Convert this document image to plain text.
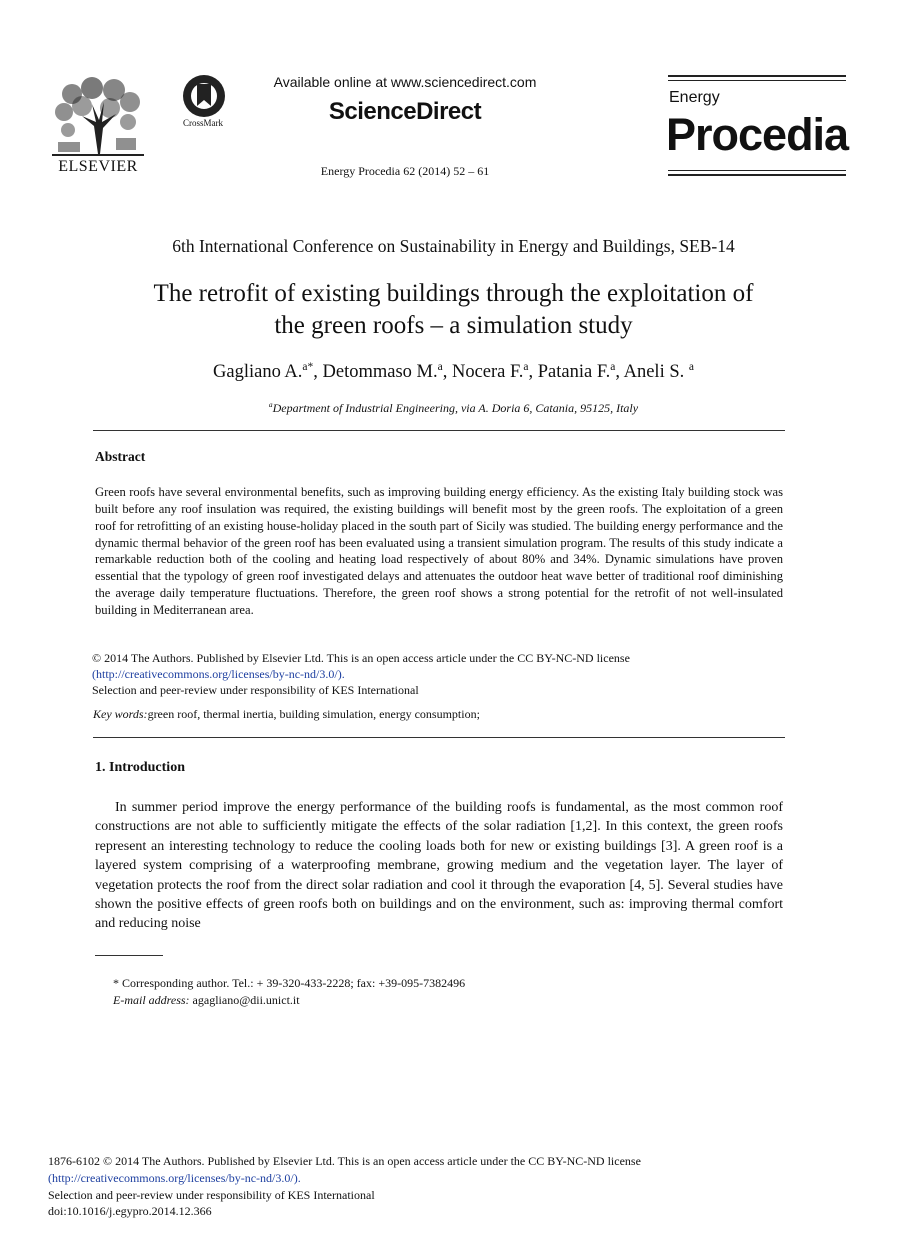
ELSEVIER
CrossMark
Available online at www.sciencedirect.com
ScienceDirect
Energy Procedia 62 (2014) 52 – 61
Energy
Procedia
6th International Conference on Sustainability in Energy and Buildings, SEB-14
The retrofit of existing buildings through the exploitation of
the green roofs – a simulation study
Gagliano A.$^{a*}$, Detommaso M.$^a$, Nocera F.$^a$, Patania F.$^a$, Aneli S. $^a$
$^a$Department of Industrial Engineering, via A. Doria 6, Catania, 95125, Italy
Abstract
Green roofs have several environmental benefits, such as improving building energy efficiency. As the existing Italy building stock was built before any roof insulation was required, the existing buildings will benefit most by the green roofs. The exploitation of a green roof for retrofitting of an existing house-holiday placed in the south part of Sicily was studied. The building energy performance and the dynamic thermal behavior of the green roof has been evaluated using a transient simulation program. The results of this study indicate a remarkable reduction both of the cooling and heating load respectively of about 80% and 34%. Dynamic simulations have proven essential that the typology of green roof investigated delays and attenuates the outdoor heat wave better of traditional roof diminishing the average daily temperature fluctuations. Therefore, the green roof shows a strong potential for the retrofit of not well-insulated building in Mediterranean area.
© 2014 The Authors. Published by Elsevier Ltd. This is an open access article under the CC BY-NC-ND license
(http://creativecommons.org/licenses/by-nc-nd/3.0/).
Selection and peer-review under responsibility of KES International
Key words:green roof, thermal inertia, building simulation, energy consumption;
1. Introduction
In summer period improve the energy performance of the building roofs is fundamental, as the most common roof constructions are not able to sufficiently mitigate the effects of the solar radiation [1,2]. In this context, the green roofs represent an interesting technology to reduce the cooling loads both for new or existing buildings [3]. A green roof is a layered system comprising of a waterproofing membrane, growing medium and the vegetation layer. The layer of vegetation protects the roof from the direct solar radiation and cool it through the evaporation [4, 5]. Several studies have shown the positive effects of green roofs both on buildings and on the environment, such as: improving thermal comfort and reducing noise
* Corresponding author. Tel.: + 39-320-433-2228; fax: +39-095-7382496
E-mail address: agagliano@dii.unict.it
1876-6102 © 2014 The Authors. Published by Elsevier Ltd. This is an open access article under the CC BY-NC-ND license
(http://creativecommons.org/licenses/by-nc-nd/3.0/).
Selection and peer-review under responsibility of KES International
doi:10.1016/j.egypro.2014.12.366
